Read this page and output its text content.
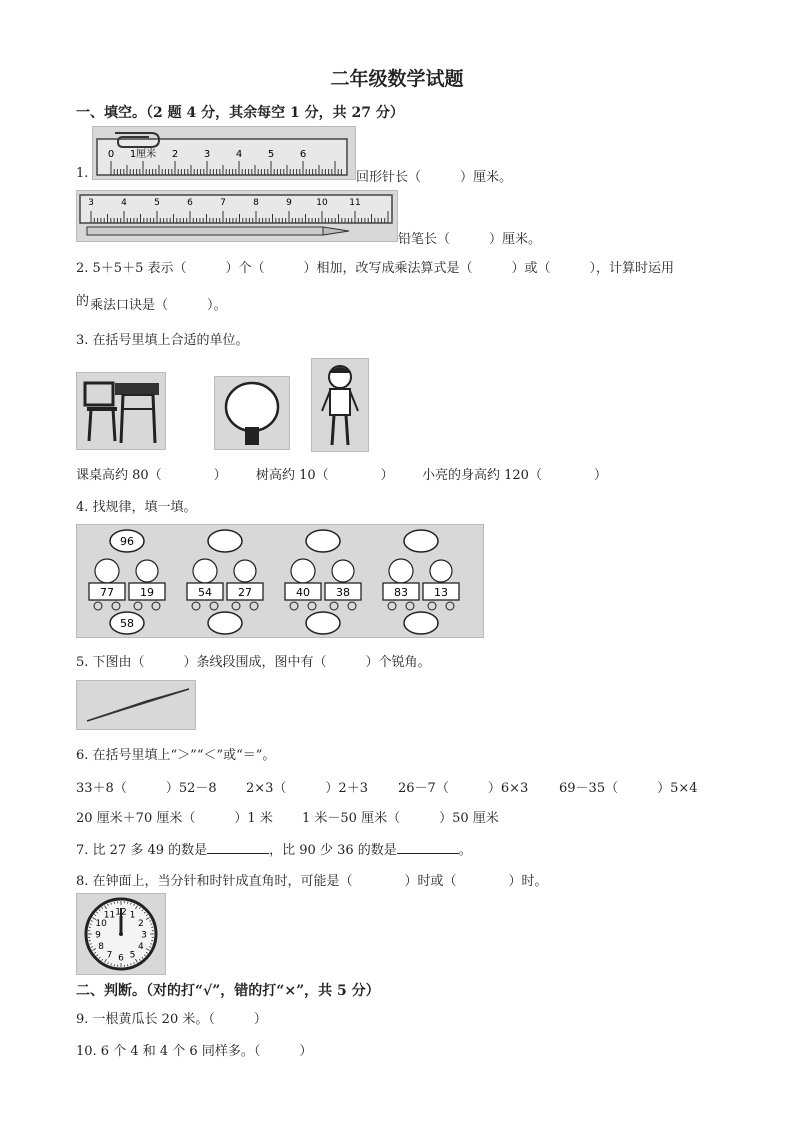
二年级数学试题
一、填空。（2 题 4 分，其余每空 1 分，共 27 分）
1.
0 1厘米 2	3	4	5	6
回形针长（　　　）厘米。
3	4	5	6	7	8	9	10 11
铅笔长（　　　）厘米。
2. 5＋5＋5 表示（　　　）个（　　　）相加，改写成乘法算式是（　　　）或（　　　），计算时运用
的 乘法口诀是（　　　）。
3. 在括号里填上合适的单位。
课桌高约 80（　　　　） 树高约 10（　　　　） 小亮的身高约 120（　　　　）
4. 找规律，填一填。
96
77 19
58
54 27	40 38	83 13
5. 下图由（　　　）条线段围成，图中有（　　　）个锐角。
6. 在括号里填上“＞”“＜”或“＝”。
33＋8（　　　）52－8 2×3（　　　）2＋3 26－7（　　　）6×3 69－35（　　　）5×4
20 厘米＋70 厘米（　　　）1 米 1 米－50 厘米（　　　）50 厘米
7. 比 27 多 49 的数是	，比 90 少 36 的数是	。
8. 在钟面上，当分针和时针成直角时，可能是（　　　　）时或（　　　　）时。
12 1
2
3
4
5
6
7
8
9
10
11
二、判断。（对的打“√”，错的打“×”，共 5 分）
9. 一根黄瓜长 20 米。（　　　）
10. 6 个 4 和 4 个 6 同样多。（　　　）
